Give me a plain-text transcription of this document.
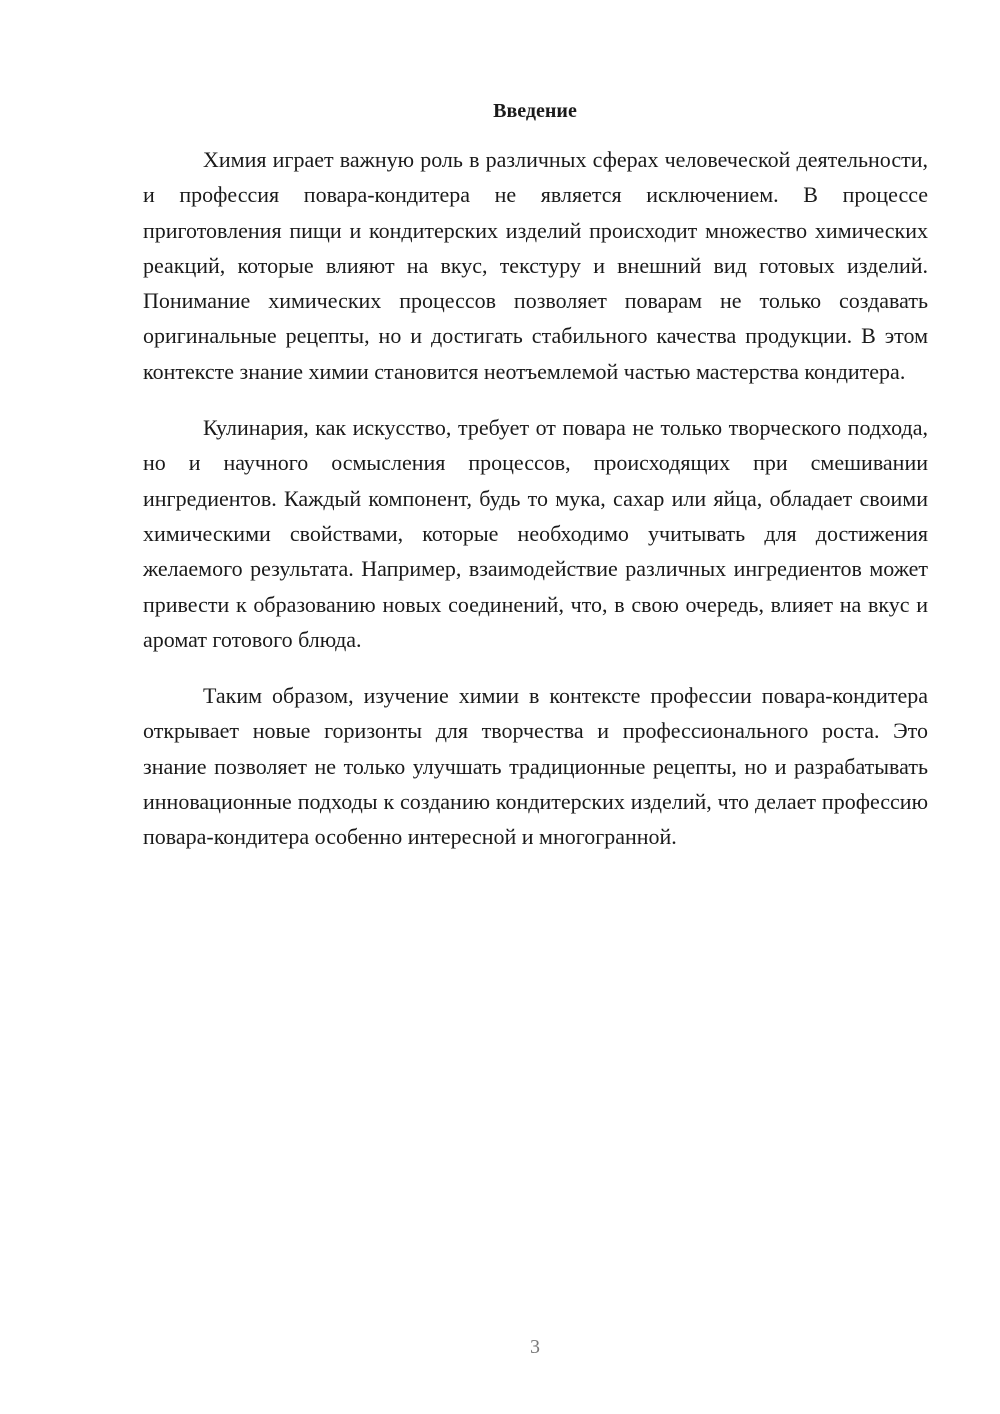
Введение

Химия играет важную роль в различных сферах человеческой деятельности, и профессия повара-кондитера не является исключением. В процессе приготовления пищи и кондитерских изделий происходит множество химических реакций, которые влияют на вкус, текстуру и внешний вид готовых изделий. Понимание химических процессов позволяет поварам не только создавать оригинальные рецепты, но и достигать стабильного качества продукции. В этом контексте знание химии становится неотъемлемой частью мастерства кондитера.

Кулинария, как искусство, требует от повара не только творческого подхода, но и научного осмысления процессов, происходящих при смешивании ингредиентов. Каждый компонент, будь то мука, сахар или яйца, обладает своими химическими свойствами, которые необходимо учитывать для достижения желаемого результата. Например, взаимодействие различных ингредиентов может привести к образованию новых соединений, что, в свою очередь, влияет на вкус и аромат готового блюда.

Таким образом, изучение химии в контексте профессии повара-кондитера открывает новые горизонты для творчества и профессионального роста. Это знание позволяет не только улучшать традиционные рецепты, но и разрабатывать инновационные подходы к созданию кондитерских изделий, что делает профессию повара-кондитера особенно интересной и многогранной.

3
